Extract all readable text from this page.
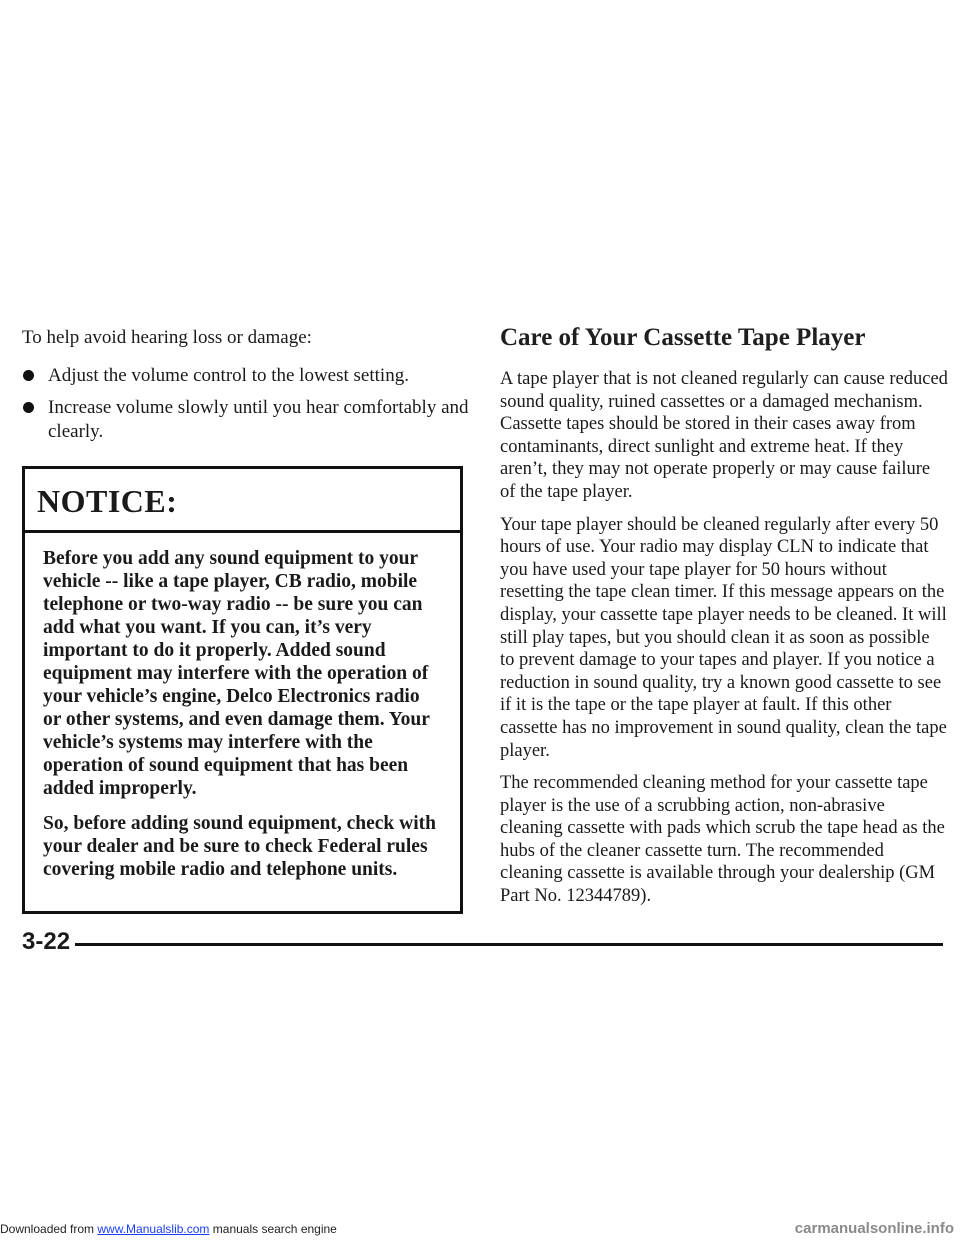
To help avoid hearing loss or damage:

Adjust the volume control to the lowest setting.
Increase volume slowly until you hear comfortably and clearly.
NOTICE:

Before you add any sound equipment to your vehicle -- like a tape player, CB radio, mobile telephone or two-way radio -- be sure you can add what you want. If you can, it’s very important to do it properly. Added sound equipment may interfere with the operation of your vehicle’s engine, Delco Electronics radio or other systems, and even damage them. Your vehicle’s systems may interfere with the operation of sound equipment that has been added improperly.

So, before adding sound equipment, check with your dealer and be sure to check Federal rules covering mobile radio and telephone units.

Care of Your Cassette Tape Player

A tape player that is not cleaned regularly can cause reduced sound quality, ruined cassettes or a damaged mechanism. Cassette tapes should be stored in their cases away from contaminants, direct sunlight and extreme heat. If they aren’t, they may not operate properly or may cause failure of the tape player.

Your tape player should be cleaned regularly after every 50 hours of use. Your radio may display CLN to indicate that you have used your tape player for 50 hours without resetting the tape clean timer. If this message appears on the display, your cassette tape player needs to be cleaned. It will still play tapes, but you should clean it as soon as possible to prevent damage to your tapes and player. If you notice a reduction in sound quality, try a known good cassette to see if it is the tape or the tape player at fault. If this other cassette has no improvement in sound quality, clean the tape player.

The recommended cleaning method for your cassette tape player is the use of a scrubbing action, non-abrasive cleaning cassette with pads which scrub the tape head as the hubs of the cleaner cassette turn. The recommended cleaning cassette is available through your dealership (GM Part No. 12344789).

3-22
Downloaded from www.Manualslib.com manuals search engine	carmanualsonline.info
